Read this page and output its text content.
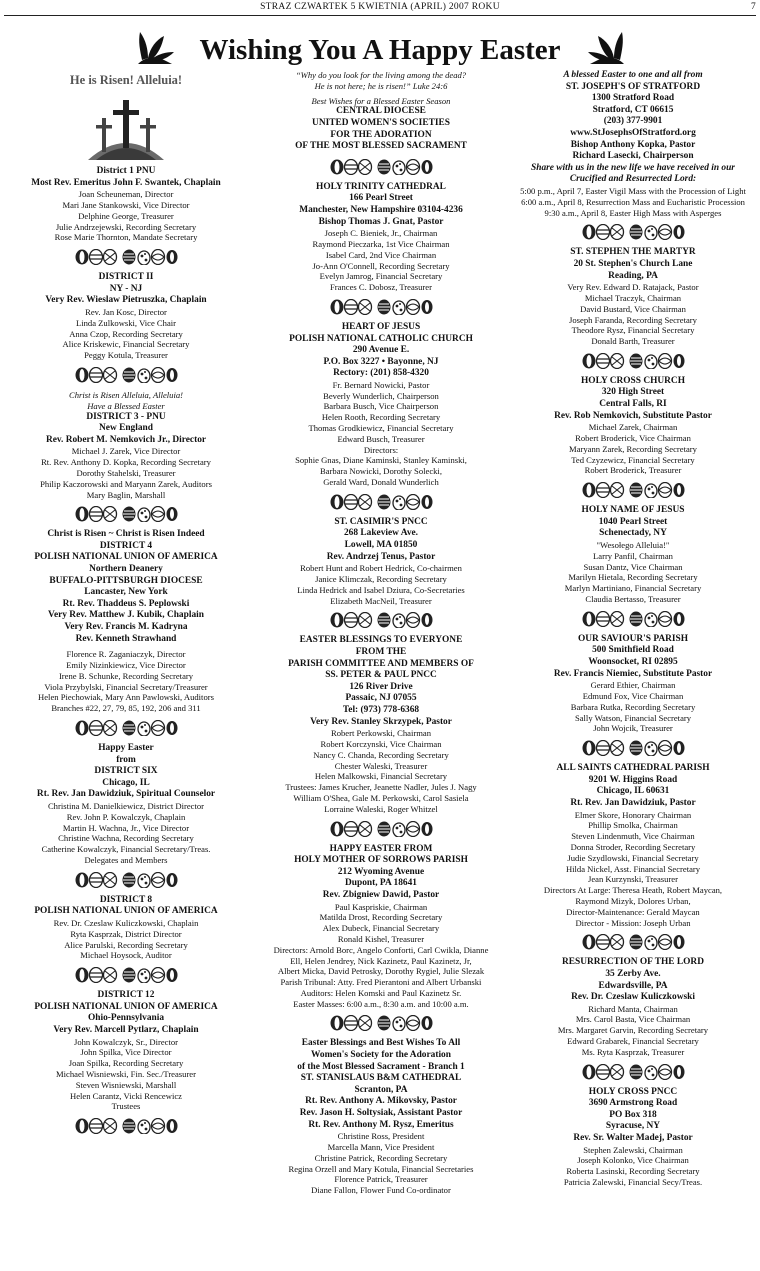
STRAZ CZWARTEK 5 KWIETNIA (APRIL) 2007 ROKU	7
Wishing You A Happy Easter
He is Risen! Alleluia!
District 1 PNU
Most Rev. Emeritus John F. Swantek, Chaplain
Joan Scheuneman, Director
Mari Jane Stankowski, Vice Director
Delphine George, Treasurer
Julie Andrzejewski, Recording Secretary
Rose Marie Thornton, Mandate Secretary
DISTRICT II
NY - NJ
Very Rev. Wieslaw Pietruszka, Chaplain
Rev. Jan Kosc, Director
Linda Zulkowski, Vice Chair
Anna Czop, Recording Secretary
Alice Kriskewic, Financial Secretary
Peggy Kotula, Treasurer
Christ is Risen Alleluia, Alleluia!
Have a Blessed Easter
DISTRICT 3 - PNU
New England
Rev. Robert M. Nemkovich Jr., Director
Michael J. Zarek, Vice Director
Rt. Rev. Anthony D. Kopka, Recording Secretary
Dorothy Stahelski, Treasurer
Philip Kaczorowski and Maryann Zarek, Auditors
Mary Baglin, Marshall
Christ is Risen ~ Christ is Risen Indeed
DISTRICT 4
POLISH NATIONAL UNION OF AMERICA
Northern Deanery
BUFFALO-PITTSBURGH DIOCESE
Lancaster, New York
Rt. Rev. Thaddeus S. Peplowski
Very Rev. Matthew J. Kubik, Chaplain
Very Rev. Francis M. Kadryna
Rev. Kenneth Strawhand
Florence R. Zaganiaczyk, Director
Emily Nizinkiewicz, Vice Director
Irene B. Schunke, Recording Secretary
Viola Przybylski, Financial Secretary/Treasurer
Helen Piechowiak, Mary Ann Pawlowski, Auditors
Branches #22, 27, 79, 85, 192, 206 and 311
Happy Easter
from
DISTRICT SIX
Chicago, IL
Rt. Rev. Jan Dawidziuk, Spiritual Counselor
Christina M. Danielkiewicz, District Director
Rev. John P. Kowalczyk, Chaplain
Martin H. Wachna, Jr., Vice Director
Christine Wachna, Recording Secretary
Catherine Kowalczyk, Financial Secretary/Treas.
Delegates and Members
DISTRICT 8
POLISH NATIONAL UNION OF AMERICA
Rev. Dr. Czeslaw Kuliczkowski, Chaplain
Ryta Kasprzak, District Director
Alice Parulski, Recording Secretary
Michael Hoysock, Auditor
DISTRICT 12
POLISH NATIONAL UNION OF AMERICA
Ohio-Pennsylvania
Very Rev. Marcell Pytlarz, Chaplain
John Kowalczyk, Sr., Director
John Spilka, Vice Director
Joan Spilka, Recording Secretary
Michael Wisniewski, Fin. Sec./Treasurer
Steven Wisniewski, Marshall
Helen Carantz, Vicki Rencewicz
Trustees
“Why do you look for the living among the dead?
He is not here; he is risen!” Luke 24:6
Best Wishes for a Blessed Easter Season
CENTRAL DIOCESE
UNITED WOMEN'S SOCIETIES
FOR THE ADORATION
OF THE MOST BLESSED SACRAMENT
HOLY TRINITY CATHEDRAL
166 Pearl Street
Manchester, New Hampshire 03104-4236
Bishop Thomas J. Gnat, Pastor
Joseph C. Bieniek, Jr., Chairman
Raymond Pieczarka, 1st Vice Chairman
Isabel Card, 2nd Vice Chairman
Jo-Ann O'Connell, Recording Secretary
Evelyn Jamrog, Financial Secretary
Frances C. Dobosz, Treasurer
HEART OF JESUS
POLISH NATIONAL CATHOLIC CHURCH
290 Avenue E.
P.O. Box 3227 • Bayonne, NJ
Rectory: (201) 858-4320
Fr. Bernard Nowicki, Pastor
Beverly Wunderlich, Chairperson
Barbara Busch, Vice Chairperson
Helen Rooth, Recording Secretary
Thomas Grodkiewicz, Financial Secretary
Edward Busch, Treasurer
Directors:
Sophie Gnas, Diane Kaminski, Stanley Kaminski,
Barbara Nowicki, Dorothy Solecki,
Gerald Ward, Donald Wunderlich
ST. CASIMIR'S PNCC
268 Lakeview Ave.
Lowell, MA 01850
Rev. Andrzej Tenus, Pastor
Robert Hunt and Robert Hedrick, Co-chairmen
Janice Klimczak, Recording Secretary
Linda Hedrick and Isabel Dziura, Co-Secretaries
Elizabeth MacNeil, Treasurer
EASTER BLESSINGS TO EVERYONE
FROM THE
PARISH COMMITTEE AND MEMBERS OF
SS. PETER & PAUL PNCC
126 River Drive
Passaic, NJ 07055
Tel: (973) 778-6368
Very Rev. Stanley Skrzypek, Pastor
Robert Perkowski, Chairman
Robert Korczynski, Vice Chairman
Nancy C. Chanda, Recording Secretary
Chester Waleski, Treasurer
Helen Malkowski, Financial Secretary
Trustees: James Krucher, Jeanette Nadler, Jules J. Nagy
William O'Shea, Gale M. Perkowski, Carol Sasiela
Lorraine Waleski, Roger Whitzel
HAPPY EASTER FROM
HOLY MOTHER OF SORROWS PARISH
212 Wyoming Avenue
Dupont, PA 18641
Rev. Zbigniew Dawid, Pastor
Paul Kaspriskie, Chairman
Matilda Drost, Recording Secretary
Alex Dubeck, Financial Secretary
Ronald Kishel, Treasurer
Directors: Arnold Borc, Angelo Conforti, Carl Cwikla, Dianne
Ell, Helen Jendrey, Nick Kazinetz, Paul Kazinetz, Jr,
Albert Micka, David Petrosky, Dorothy Rygiel, Julie Slezak
Parish Tribunal: Atty. Fred Pierantoni and Albert Urbanski
Auditors: Helen Komski and Paul Kazinetz Sr.
Easter Masses: 6:00 a.m., 8:30 a.m. and 10:00 a.m.
Easter Blessings and Best Wishes To All
Women's Society for the Adoration
of the Most Blessed Sacrament - Branch 1
ST. STANISLAUS B&M CATHEDRAL
Scranton, PA
Rt. Rev. Anthony A. Mikovsky, Pastor
Rev. Jason H. Soltysiak, Assistant Pastor
Rt. Rev. Anthony M. Rysz, Emeritus
Christine Ross, President
Marcella Mann, Vice President
Christine Patrick, Recording Secretary
Regina Orzell and Mary Kotula, Financial Secretaries
Florence Patrick, Treasurer
Diane Fallon, Flower Fund Co-ordinator
A blessed Easter to one and all from
ST. JOSEPH'S OF STRATFORD
1300 Stratford Road
Stratford, CT 06615
(203) 377-9901
www.StJosephsOfStratford.org
Bishop Anthony Kopka, Pastor
Richard Lasecki, Chairperson
Share with us in the new life we have received in our
Crucified and Resurrected Lord:
5:00 p.m., April 7, Easter Vigil Mass with the Procession of Light
6:00 a.m., April 8, Resurrection Mass and Eucharistic Procession
9:30 a.m., April 8, Easter High Mass with Asperges
ST. STEPHEN THE MARTYR
20 St. Stephen's Church Lane
Reading, PA
Very Rev. Edward D. Ratajack, Pastor
Michael Traczyk, Chairman
David Bustard, Vice Chairman
Joseph Faranda, Recording Secretary
Theodore Rysz, Financial Secretary
Donald Barth, Treasurer
HOLY CROSS CHURCH
320 High Street
Central Falls, RI
Rev. Rob Nemkovich, Substitute Pastor
Michael Zarek, Chairman
Robert Broderick, Vice Chairman
Maryann Zarek, Recording Secretary
Ted Czyzewicz, Financial Secretary
Robert Broderick, Treasurer
HOLY NAME OF JESUS
1040 Pearl Street
Schenectady, NY
"Wesołego Alleluia!"
Larry Panfil, Chairman
Susan Dantz, Vice Chairman
Marilyn Hietala, Recording Secretary
Marlyn Martiniano, Financial Secretary
Claudia Bertasso, Treasurer
OUR SAVIOUR'S PARISH
500 Smithfield Road
Woonsocket, RI 02895
Rev. Francis Niemiec, Substitute Pastor
Gerard Ethier, Chairman
Edmund Fox, Vice Chairman
Barbara Rutka, Recording Secretary
Sally Watson, Financial Secretary
John Wojcik, Treasurer
ALL SAINTS CATHEDRAL PARISH
9201 W. Higgins Road
Chicago, IL 60631
Rt. Rev. Jan Dawidziuk, Pastor
Elmer Skore, Honorary Chairman
Phillip Smolka, Chairman
Steven Lindenmuth, Vice Chairman
Donna Stroder, Recording Secretary
Judie Szydlowski, Financial Secretary
Hilda Nickel, Asst. Financial Secretary
Jean Kurzynski, Treasurer
Directors At Large: Theresa Heath, Robert Maycan,
Raymond Mizyk, Dolores Urban,
Director-Maintenance: Gerald Maycan
Director - Mission: Joseph Urban
RESURRECTION OF THE LORD
35 Zerby Ave.
Edwardsville, PA
Rev. Dr. Czeslaw Kuliczkowski
Richard Manta, Chairman
Mrs. Carol Basta, Vice Chairman
Mrs. Margaret Garvin, Recording Secretary
Edward Grabarek, Financial Secretary
Ms. Ryta Kasprzak, Treasurer
HOLY CROSS PNCC
3690 Armstrong Road
PO Box 318
Syracuse, NY
Rev. Sr. Walter Madej, Pastor
Stephen Zalewski, Chairman
Joseph Kolonko, Vice Chairman
Roberta Lasinski, Recording Secretary
Patricia Zalewski, Financial Secy/Treas.
